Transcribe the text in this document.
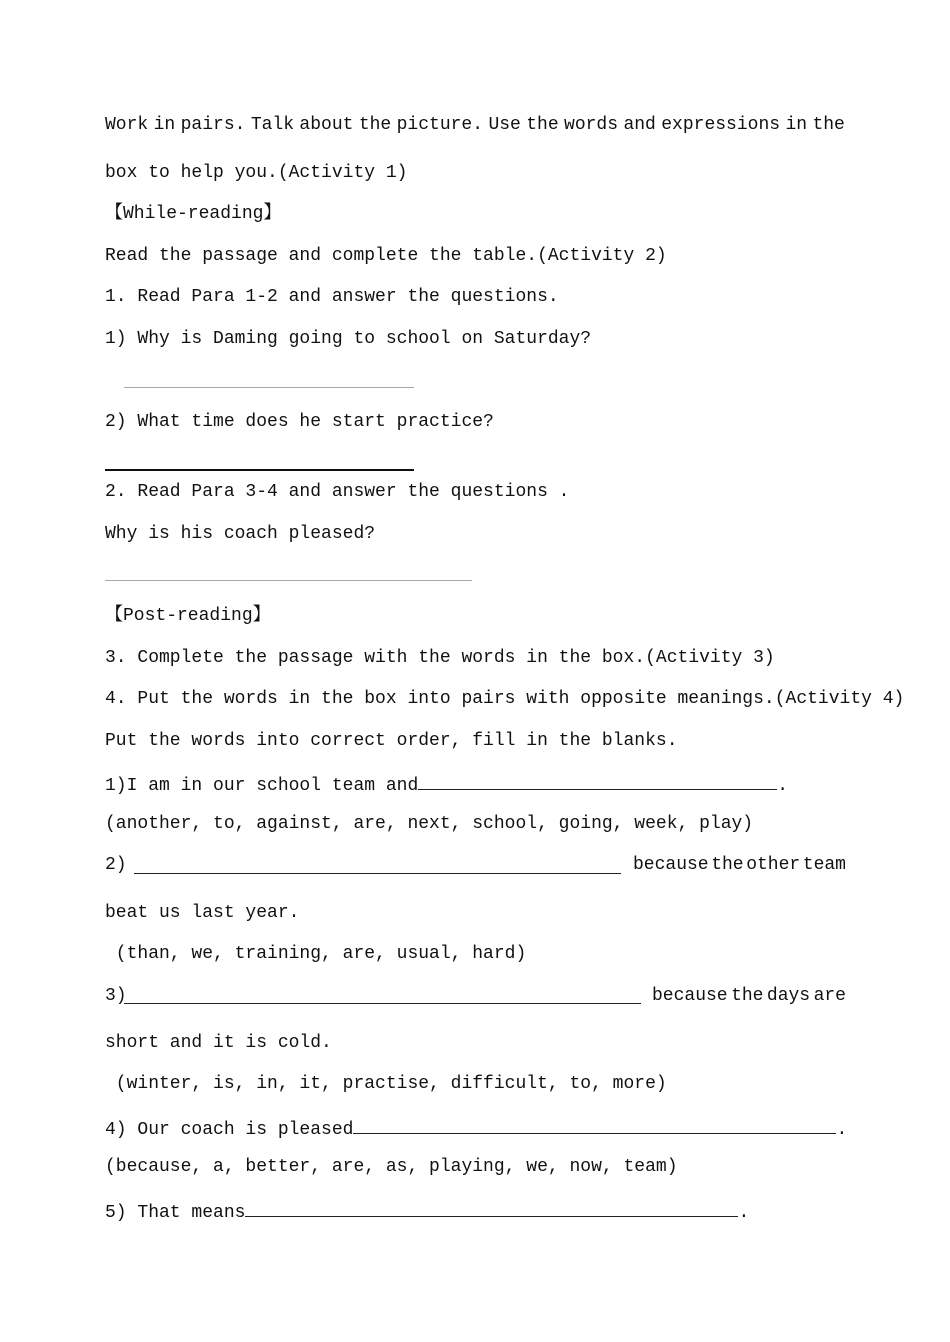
Work in pairs. Talk about the picture. Use the words and expressions in the
box to help you.(Activity 1)
【While-reading】
Read the passage and complete the table.(Activity 2)
1. Read Para 1-2 and answer the questions.
1) Why is Daming going to school on Saturday?
2) What time does he start practice?
2. Read Para 3-4 and answer the questions .
Why is his coach pleased?
【Post-reading】
3. Complete the passage with the words in the box.(Activity 3)
4. Put the words in the box into pairs with opposite meanings.(Activity 4)
Put the words into correct order, fill in the blanks.
1)I am in our school team and	.
(another, to, against, are, next, school, going, week, play)
2)	because the other team
beat us last year.
(than, we, training, are, usual, hard)
3)	because the days are
short and it is cold.
(winter, is, in, it, practise, difficult, to, more)
4) Our coach is pleased	.
(because, a, better, are, as, playing, we, now, team)
5) That means	.
